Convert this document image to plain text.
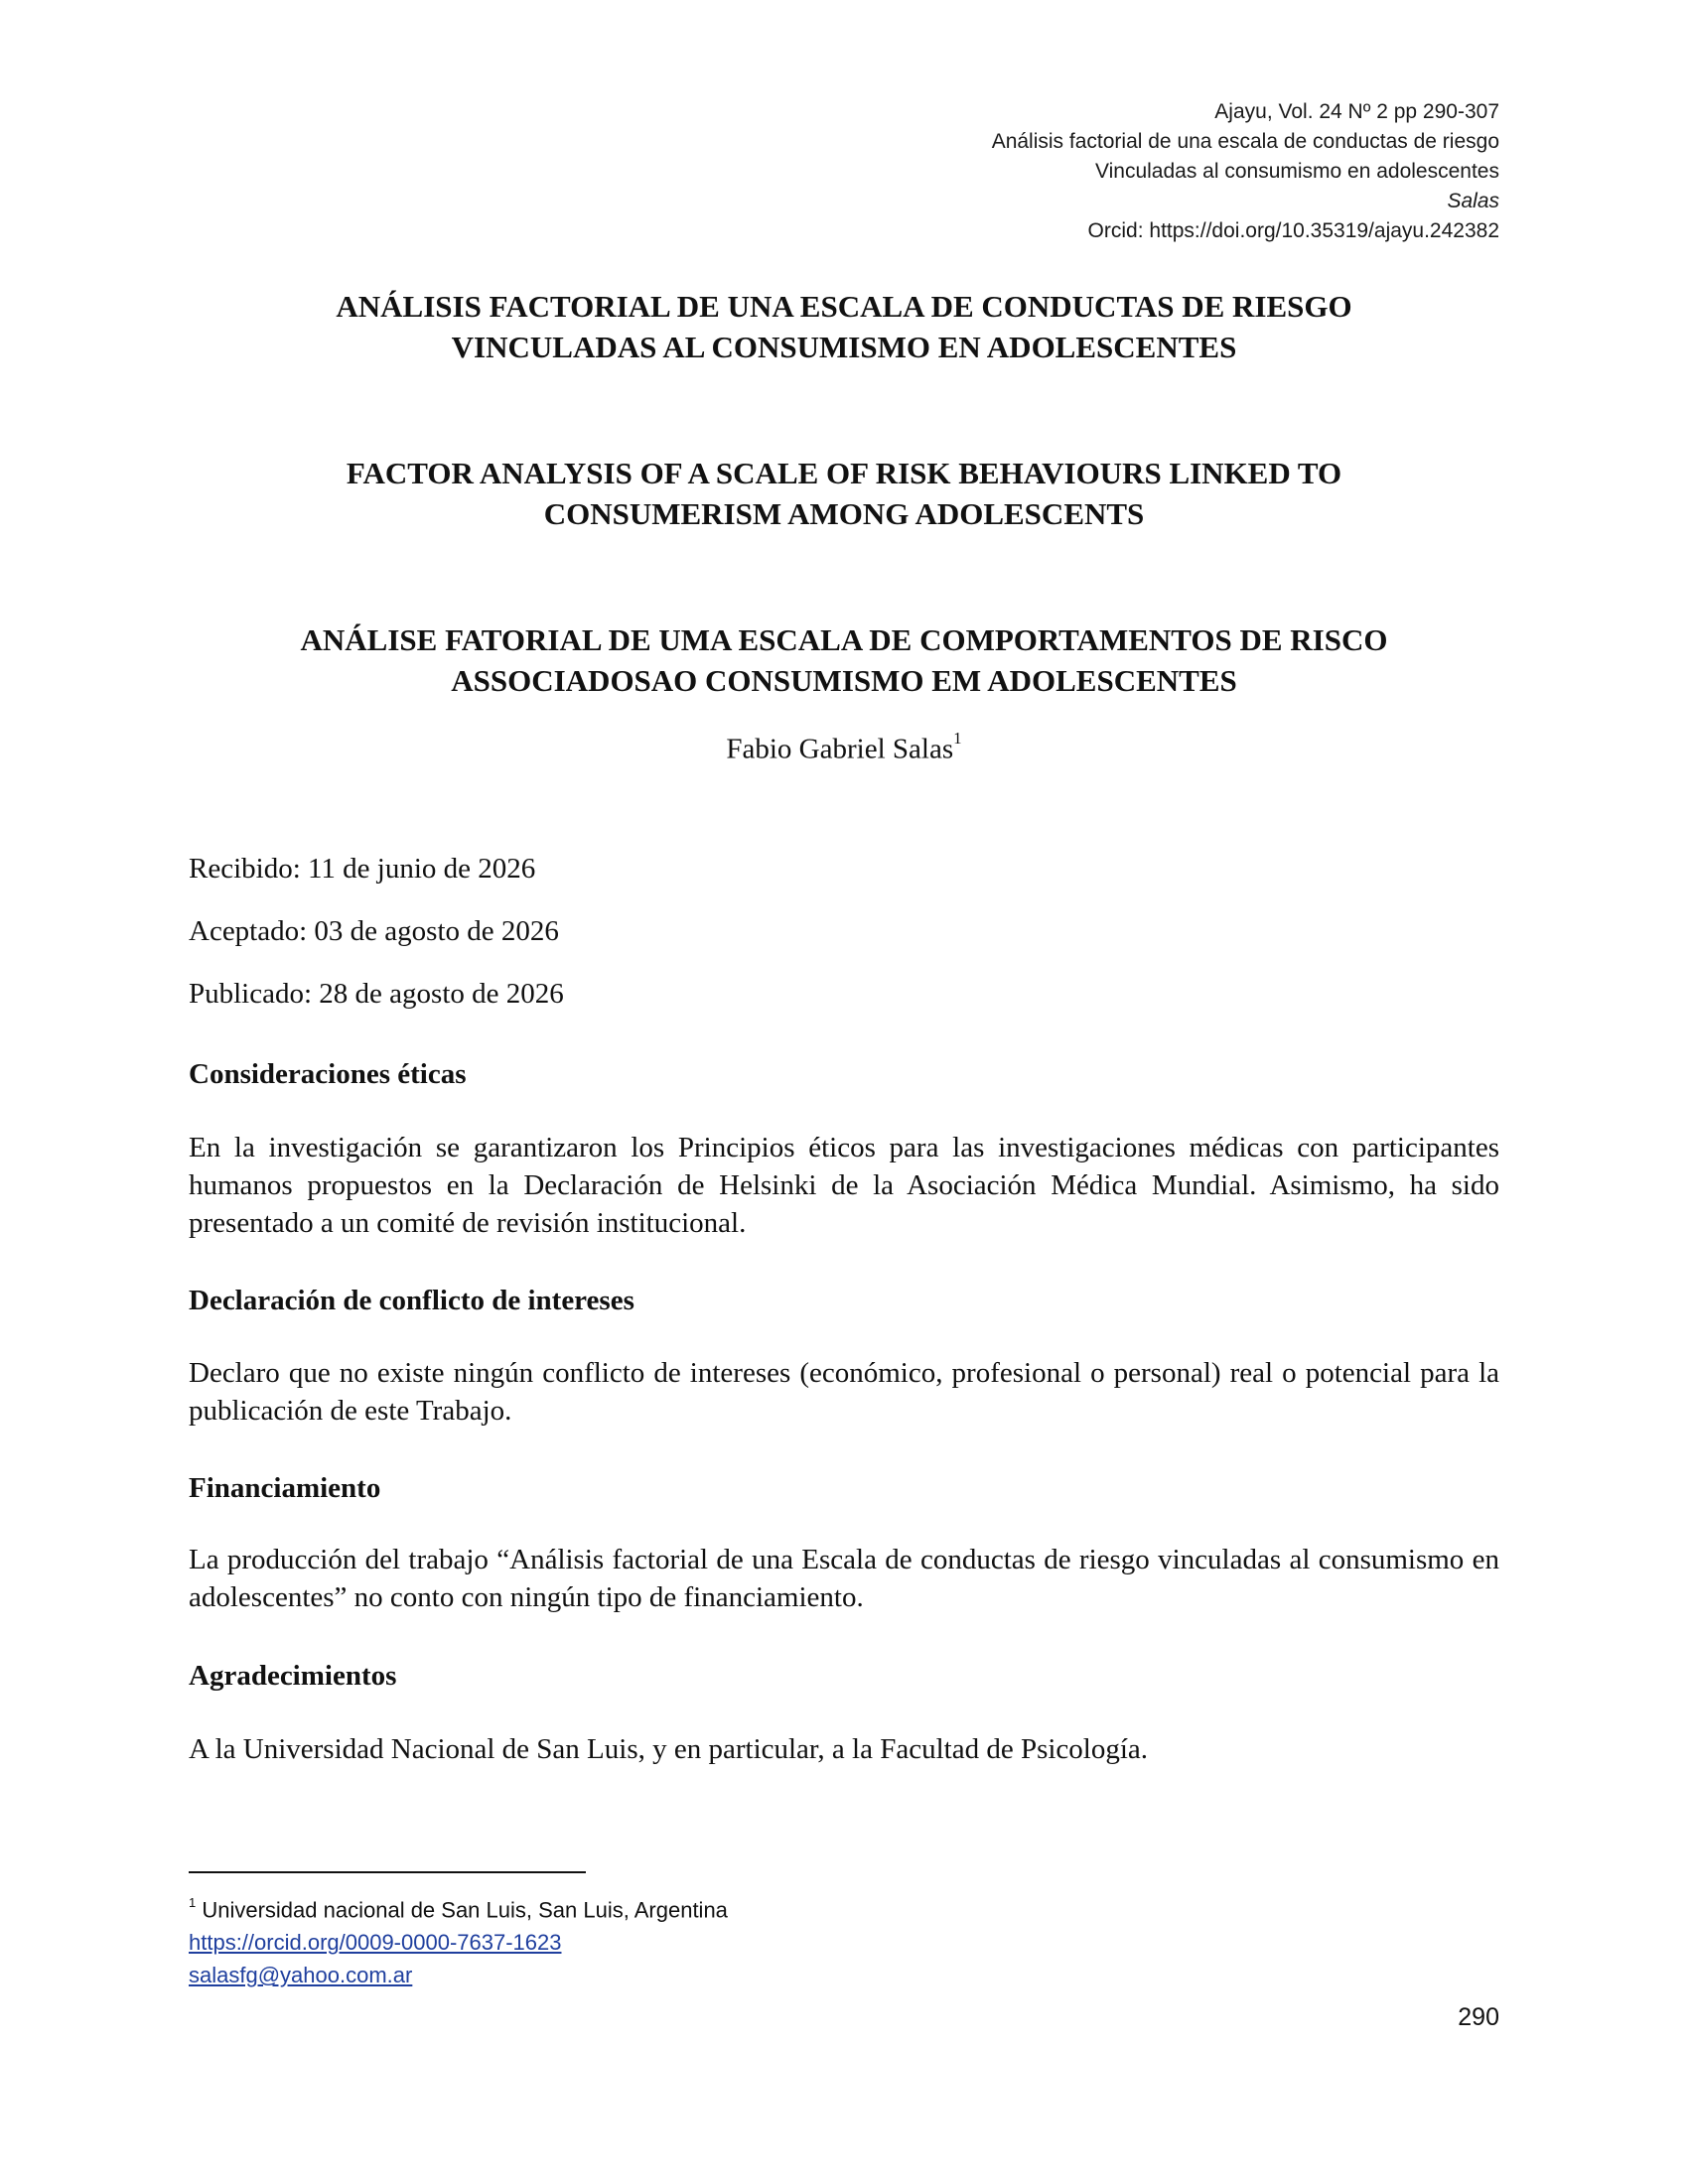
Ajayu, Vol. 24 Nº 2 pp 290-307
Análisis factorial de una escala de conductas de riesgo
Vinculadas al consumismo en adolescentes
Salas
Orcid: https://doi.org/10.35319/ajayu.242382
ANÁLISIS FACTORIAL DE UNA ESCALA DE CONDUCTAS DE RIESGO
VINCULADAS AL CONSUMISMO EN ADOLESCENTES
FACTOR ANALYSIS OF A SCALE OF RISK BEHAVIOURS LINKED TO
CONSUMERISM AMONG ADOLESCENTS
ANÁLISE FATORIAL DE UMA ESCALA DE COMPORTAMENTOS DE RISCO
ASSOCIADOSAO CONSUMISMO EM ADOLESCENTES
Fabio Gabriel Salas$^1$
Recibido: 11 de junio de 2026
Aceptado: 03 de agosto de 2026
Publicado: 28 de agosto de 2026
Consideraciones éticas
En la investigación se garantizaron los Principios éticos para las investigaciones médicas con participantes humanos propuestos en la Declaración de Helsinki de la Asociación Médica Mundial. Asimismo, ha sido presentado a un comité de revisión institucional.
Declaración de conflicto de intereses
Declaro que no existe ningún conflicto de intereses (económico, profesional o personal) real o potencial para la publicación de este Trabajo.
Financiamiento
La producción del trabajo “Análisis factorial de una Escala de conductas de riesgo vinculadas al consumismo en adolescentes” no conto con ningún tipo de financiamiento.
Agradecimientos
A la Universidad Nacional de San Luis, y en particular, a la Facultad de Psicología.
$^1$ Universidad nacional de San Luis, San Luis, Argentina
https://orcid.org/0009-0000-7637-1623
salasfg@yahoo.com.ar
290
